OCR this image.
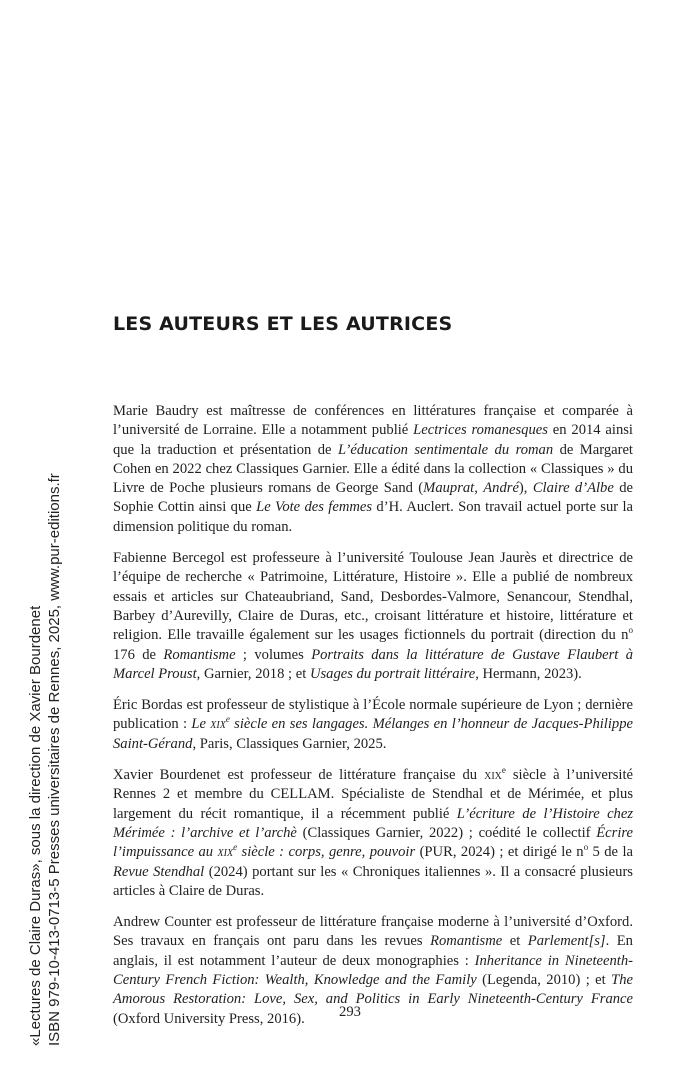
«Lectures de Claire Duras», sous la direction de Xavier Bourdenet ISBN 979-10-413-0713-5 Presses universitaires de Rennes, 2025, www.pur-editions.fr
LES AUTEURS ET LES AUTRICES

Marie Baudry est maîtresse de conférences en littératures française et comparée à l’université de Lorraine. Elle a notamment publié Lectrices romanesques en 2014 ainsi que la traduction et présentation de L’éducation sentimentale du roman de Margaret Cohen en 2022 chez Classiques Garnier. Elle a édité dans la collection « Classiques » du Livre de Poche plusieurs romans de George Sand (Mauprat, André), Claire d’Albe de Sophie Cottin ainsi que Le Vote des femmes d’H. Auclert. Son travail actuel porte sur la dimension politique du roman.

Fabienne Bercegol est professeure à l’université Toulouse Jean Jaurès et directrice de l’équipe de recherche « Patrimoine, Littérature, Histoire ». Elle a publié de nombreux essais et articles sur Chateaubriand, Sand, Desbordes-Valmore, Senancour, Stendhal, Barbey d’Aurevilly, Claire de Duras, etc., croisant littérature et histoire, littérature et religion. Elle travaille également sur les usages fictionnels du portrait (direction du $n^o$ 176 de Romantisme ; volumes Portraits dans la littérature de Gustave Flaubert à Marcel Proust, Garnier, 2018 ; et Usages du portrait littéraire, Hermann, 2023).

Éric Bordas est professeur de stylistique à l’École normale supérieure de Lyon ; dernière publication : Le xix$^e$ siècle en ses langages. Mélanges en l’honneur de Jacques-Philippe Saint-Gérand, Paris, Classiques Garnier, 2025.

Xavier Bourdenet est professeur de littérature française du xix$^e$ siècle à l’université Rennes 2 et membre du CELLAM. Spécialiste de Stendhal et de Mérimée, et plus largement du récit romantique, il a récemment publié L’écriture de l’Histoire chez Mérimée : l’archive et l’archè (Classiques Garnier, 2022) ; coédité le collectif Écrire l’impuissance au xix$^e$ siècle : corps, genre, pouvoir (PUR, 2024) ; et dirigé le $n^o$ 5 de la Revue Stendhal (2024) portant sur les « Chroniques italiennes ». Il a consacré plusieurs articles à Claire de Duras.

Andrew Counter est professeur de littérature française moderne à l’université d’Oxford. Ses travaux en français ont paru dans les revues Romantisme et Parlement[s]. En anglais, il est notamment l’auteur de deux monographies : Inheritance in Nineteenth-Century French Fiction: Wealth, Knowledge and the Family (Legenda, 2010) ; et The Amorous Restoration: Love, Sex, and Politics in Early Nineteenth-Century France (Oxford University Press, 2016).	293
